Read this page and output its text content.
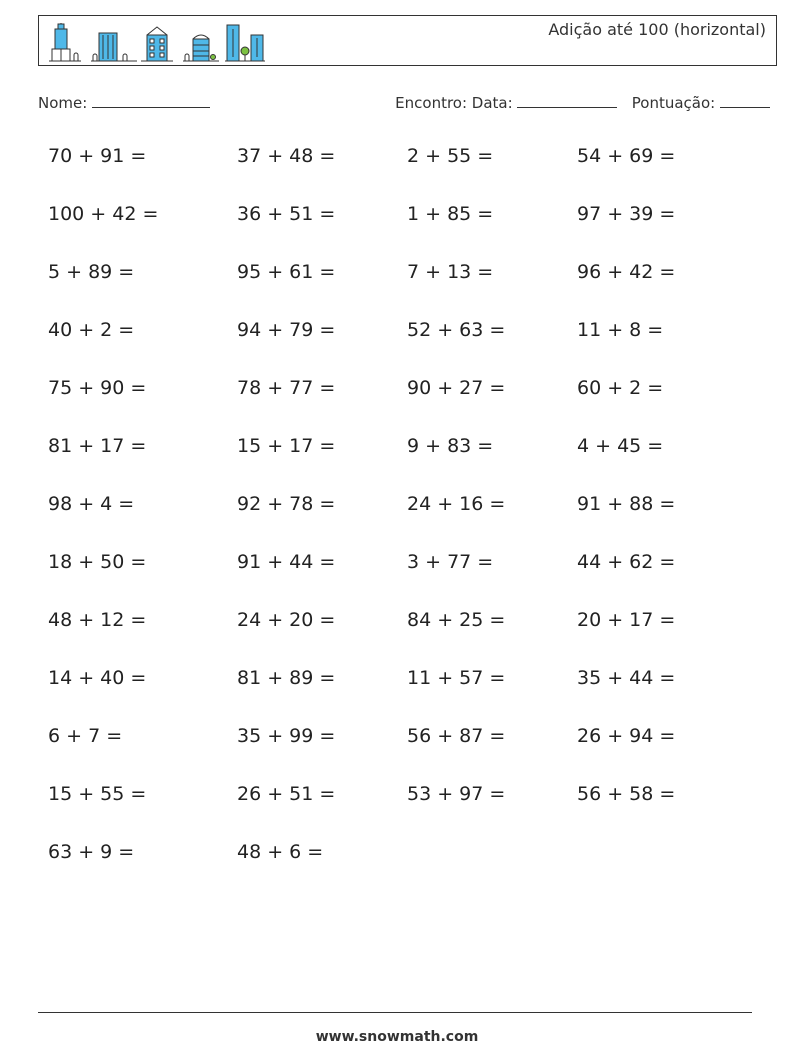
Adição até 100 (horizontal)
Nome:	Encontro: Data:	Pontuação:
70 + 91 =	37 + 48 =	2 + 55 =	54 + 69 =
100 + 42 =	36 + 51 =	1 + 85 =	97 + 39 =
5 + 89 =	95 + 61 =	7 + 13 =	96 + 42 =
40 + 2 =	94 + 79 =	52 + 63 =	11 + 8 =
75 + 90 =	78 + 77 =	90 + 27 =	60 + 2 =
81 + 17 =	15 + 17 =	9 + 83 =	4 + 45 =
98 + 4 =	92 + 78 =	24 + 16 =	91 + 88 =
18 + 50 =	91 + 44 =	3 + 77 =	44 + 62 =
48 + 12 =	24 + 20 =	84 + 25 =	20 + 17 =
14 + 40 =	81 + 89 =	11 + 57 =	35 + 44 =
6 + 7 =	35 + 99 =	56 + 87 =	26 + 94 =
15 + 55 =	26 + 51 =	53 + 97 =	56 + 58 =
63 + 9 =	48 + 6 =
www.snowmath.com
